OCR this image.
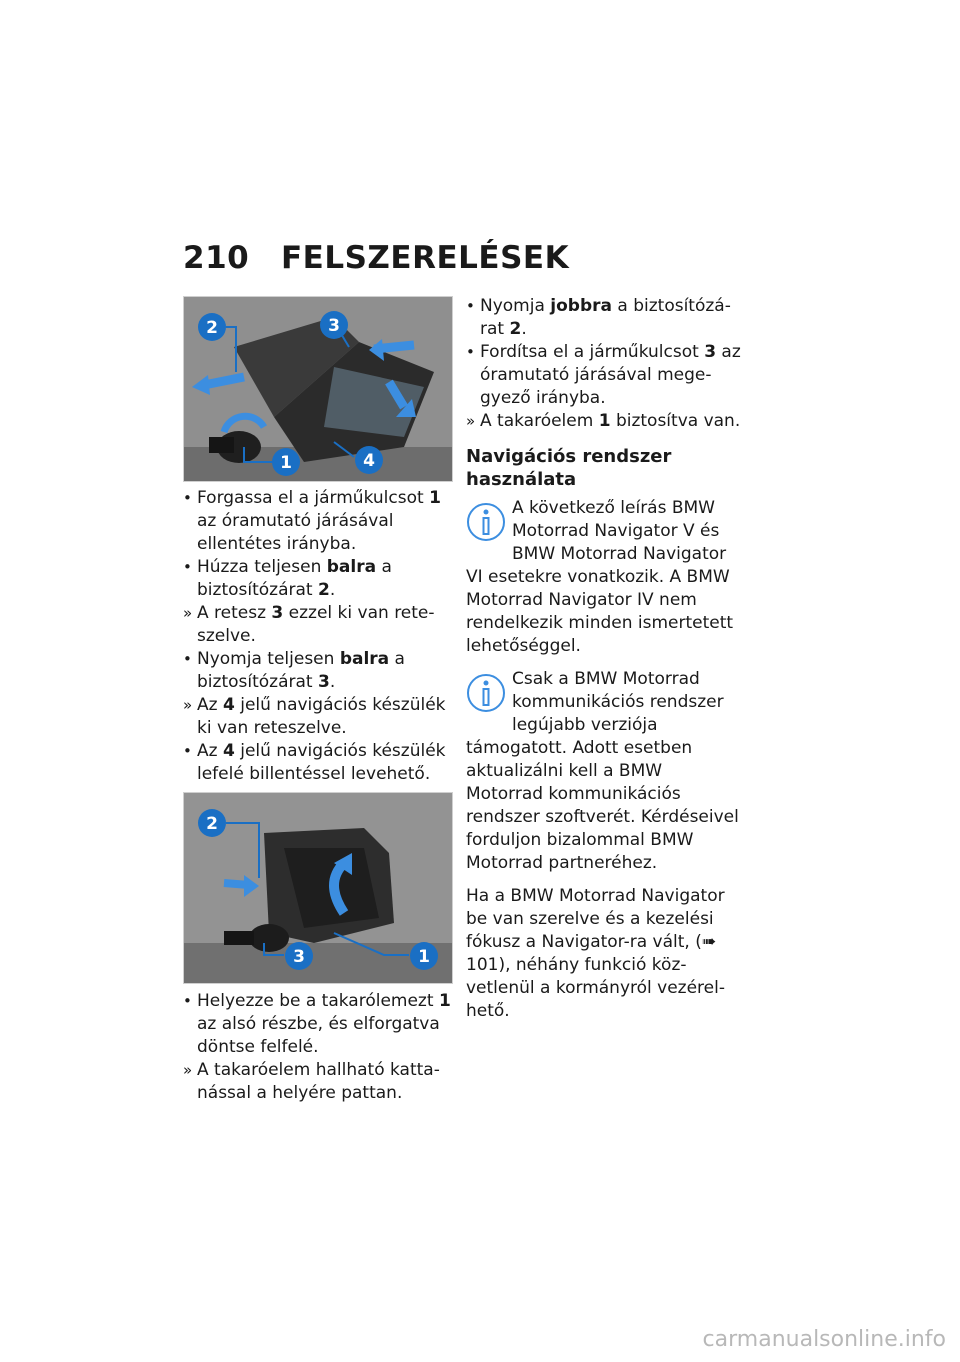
210 FELSZERELÉSEK
2	3
1	4

• Forgassa el a járműkulcsot 1 az óramutató járásával ellentétes irányba.

• Húzza teljesen balra a biztosítózárat 2.

» A retesz 3 ezzel ki van reteszelve.

• Nyomja teljesen balra a biztosítózárat 3.

» Az 4 jelű navigációs készülék ki van reteszelve.

• Az 4 jelű navigációs készülék lefelé billentéssel levehető.

2
3	1

• Helyezze be a takarólemezt 1 az alsó részbe, és elforgatva döntse felfelé.

» A takaróelem hallható kattanással a helyére pattan.

• Nyomja jobbra a biztosítózárat 2.

• Fordítsa el a járműkulcsot 3 az óramutató járásával megegyező irányba.

» A takaróelem 1 biztosítva van.

Navigációs rendszer használata
A következő leírás BMW Motorrad Navigator V és BMW Motorrad Navigator VI esetekre vonatkozik. A BMW Motorrad Navigator IV nem rendelkezik minden ismertetett lehetőséggel.
Csak a BMW Motorrad kommunikációs rendszer legújabb verziója támogatott. Adott esetben aktualizálni kell a BMW Motorrad kommunikációs rendszer szoftverét. Kérdéseivel forduljon bizalommal BMW Motorrad partneréhez.

Ha a BMW Motorrad Navigator be van szerelve és a kezelési fókusz a Navigator-ra vált, (➠ 101), néhány funkció közvetlenül a kormányról vezérelhető.

carmanualsonline.info
